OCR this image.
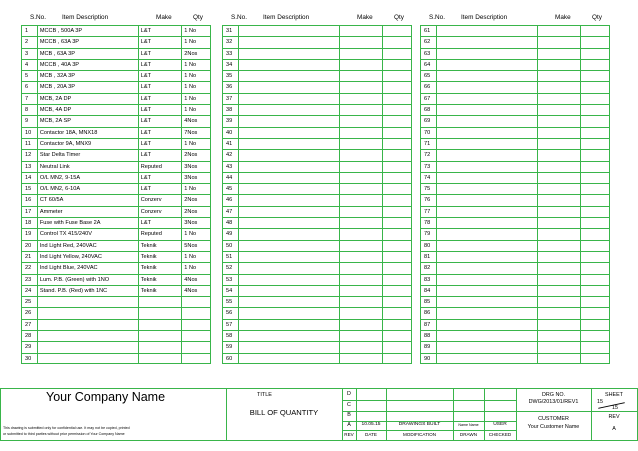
S.No.	Item Description	Make	Qty	S.No.	Item Description	Make	Qty	S.No.	Item Description	Make	Qty
1	MCCB , 500A 3P	L&T	1 No
2	MCCB , 63A 3P	L&T	1 No
3	MCB , 63A 3P	L&T	2Nos
4	MCCB , 40A 3P	L&T	1 No
5	MCB , 32A 3P	L&T	1 No
6	MCB , 20A 3P	L&T	1 No
7	MCB, 2A DP	L&T	1 No
8	MCB, 4A DP	L&T	1 No
9	MCB, 2A SP	L&T	4Nos
10	Contactor 18A, MNX18	L&T	7Nos
11	Contactor 9A, MNX9	L&T	1 No
12	Star Delta Timer	L&T	2Nos
13	Neutral Link	Reputed	3Nos
14	O/L MN2, 9-15A	L&T	3Nos
15	O/L MN2, 6-10A	L&T	1 No
16	CT 60/5A	Conzerv	2Nos
17	Ammeter	Conzerv	2Nos
18	Fuse with Fuse Base 2A	L&T	3Nos
19	Control TX 415/240V	Reputed	1 No
20	Ind Light Red, 240VAC	Teknik	5Nos
21	Ind Light Yellow, 240VAC	Teknik	1 No
22	Ind Light Blue, 240VAC	Teknik	1 No
23	Lum. P.B. (Green) with 1NO	Teknik	4Nos
24	Stand. P.B. (Red) with 1NC	Teknik	4Nos
25
26
27
28
29
30
31
32
33
34
35
36
37
38
39
40
41
42
43
44
45
46
47
48
49
50
51
52
53
54
55
56
57
58
59
60
61
62
63
64
65
66
67
68
69
70
71
72
73
74
75
76
77
78
79
80
81
82
83
84
85
86
87
88
89
90
Your Company Name
This drawing is submitted only for confidential use. It may not be copied, printed
or submitted to third parties without prior permission of Your Company Name
TITLE
BILL OF QUANTITY
D
C
B
A	10.05.15	DRAWINGS BUILT	Name Name	USER
REV	DATE	MODIFICATION	DRAWN	CHECKED
DRG NO.
DWG/2013/01/REV1
SHEET
15
15
CUSTOMER
Your Customer Name
REV
A
